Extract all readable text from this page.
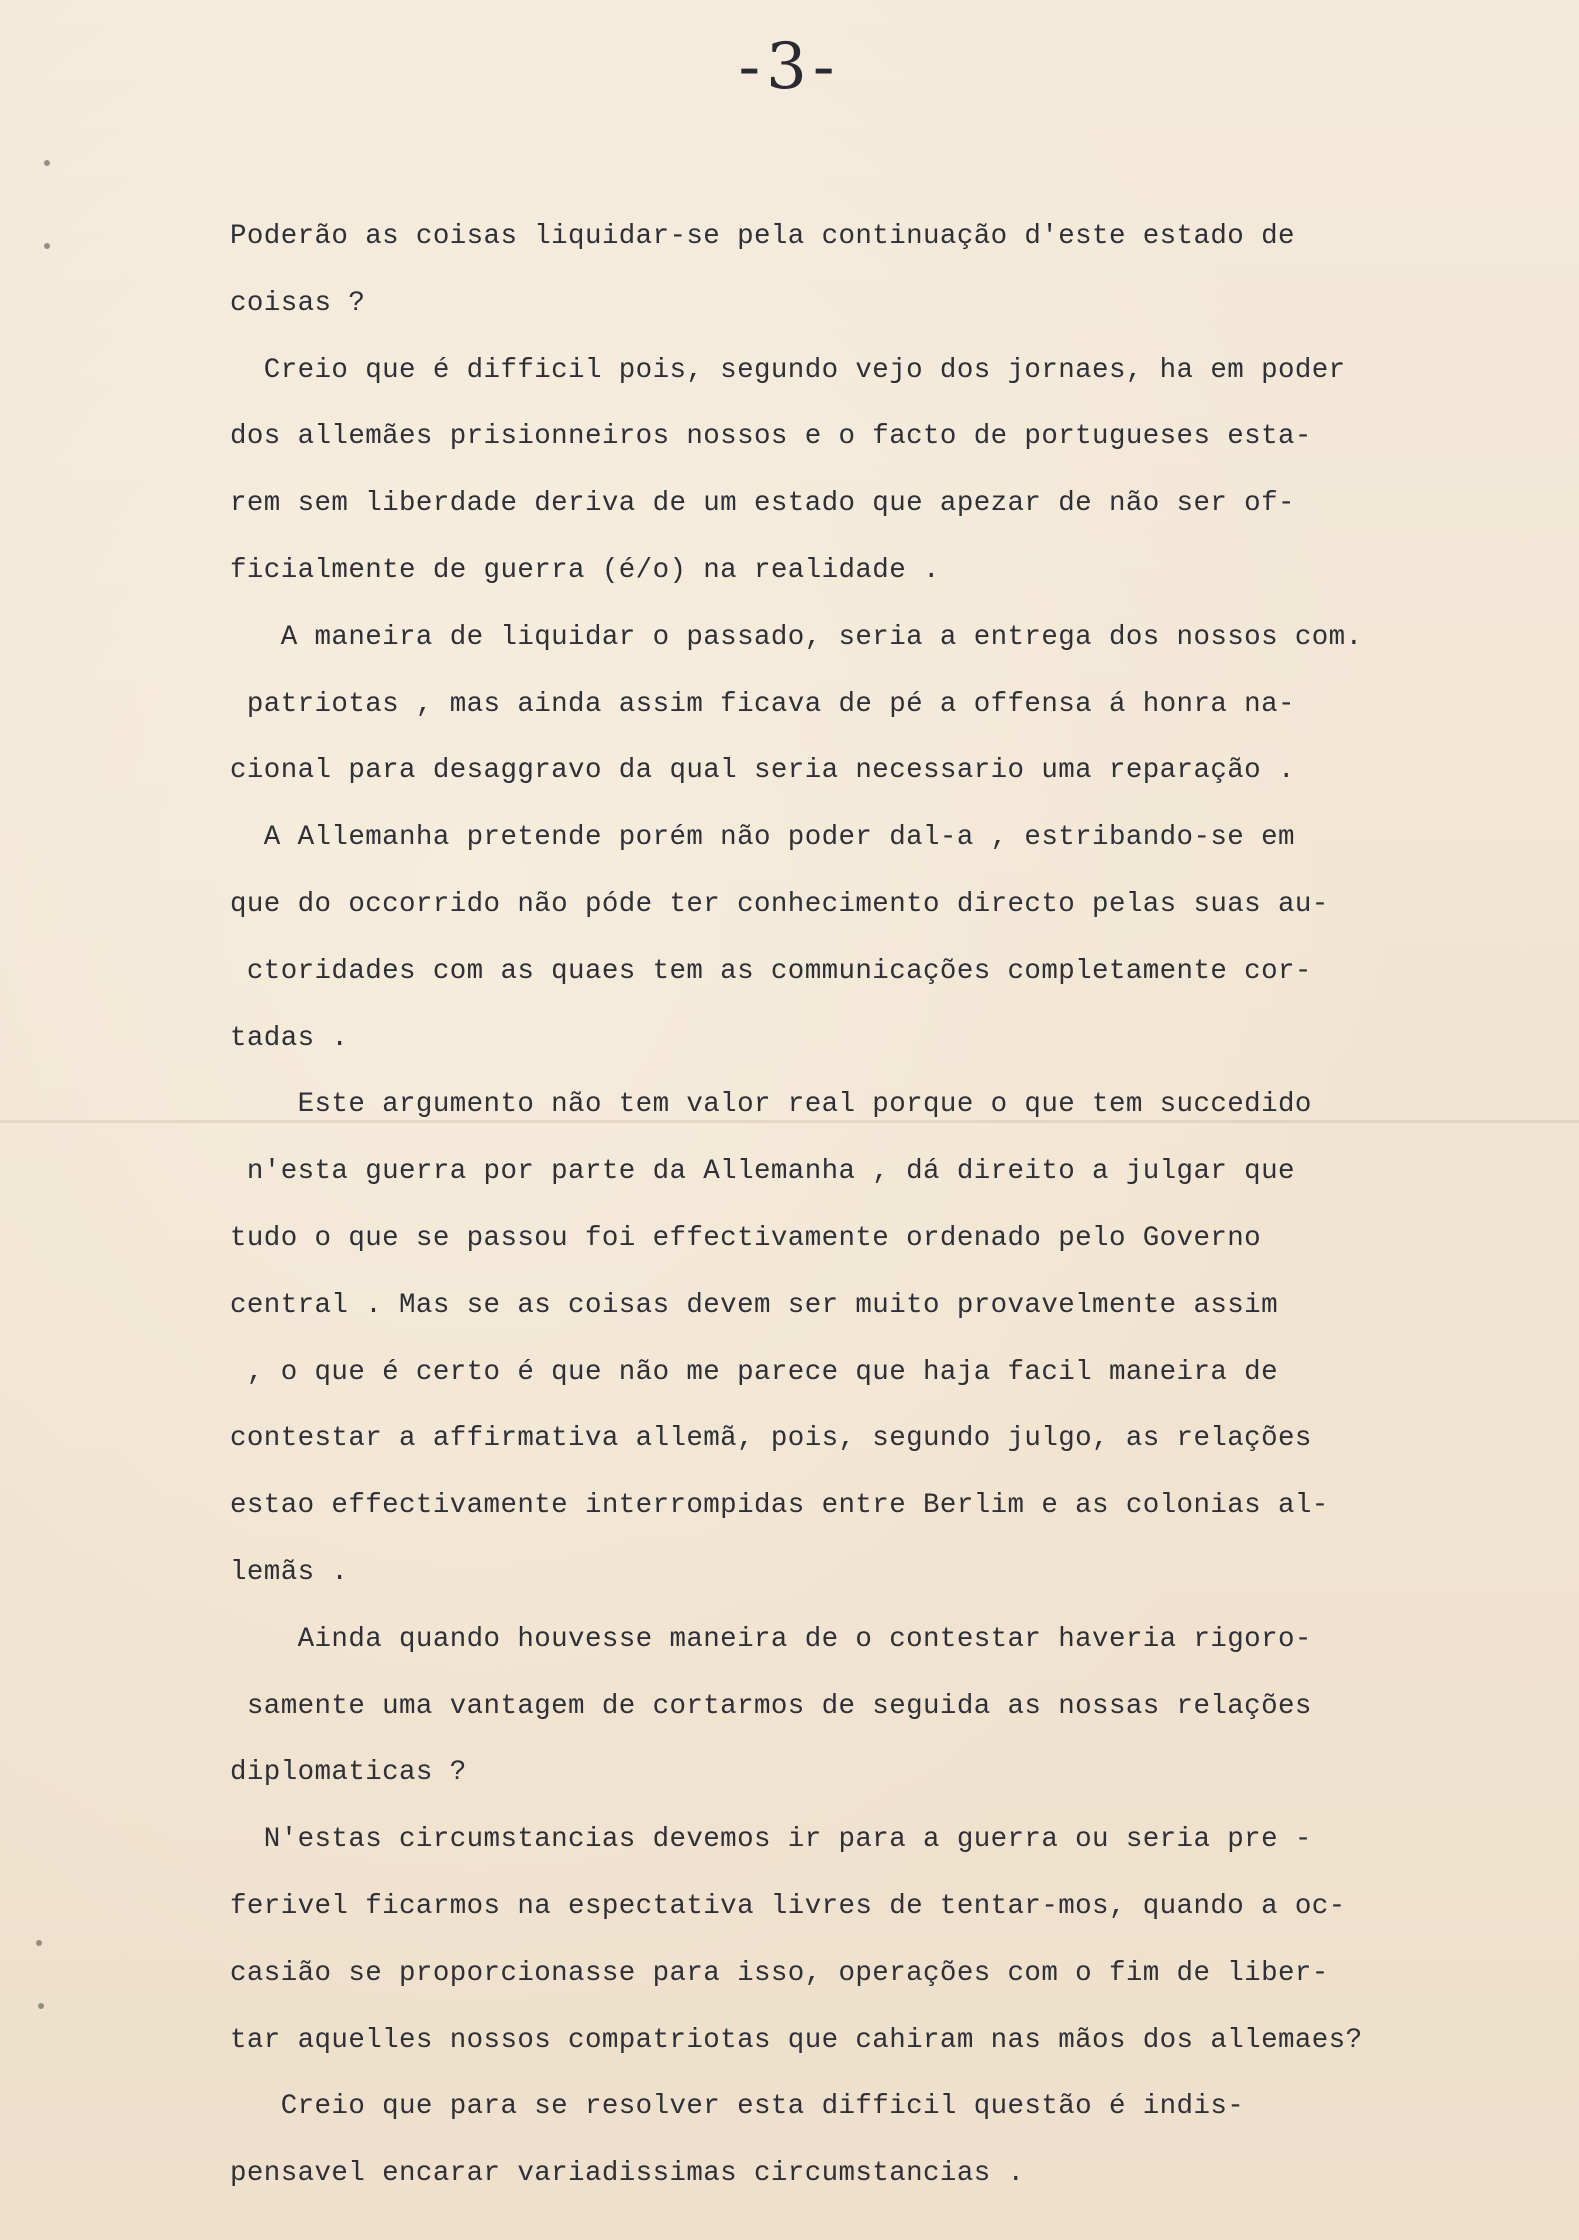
-3-
Poderão as coisas liquidar-se pela continuação d'este estado de
coisas ?
Creio que é difficil pois, segundo vejo dos jornaes, ha em poder
dos allemães prisionneiros nossos e o facto de portugueses esta-
rem sem liberdade deriva de um estado que apezar de não ser of-
ficialmente de guerra (é/o) na realidade .
A maneira de liquidar o passado, seria a entrega dos nossos com.
patriotas , mas ainda assim ficava de pé a offensa á honra na-
cional para desaggravo da qual seria necessario uma reparação .
A Allemanha pretende porém não poder dal-a , estribando-se em
que do occorrido não póde ter conhecimento directo pelas suas au-
ctoridades com as quaes tem as communicações completamente cor-
tadas .
Este argumento não tem valor real porque o que tem succedido
n'esta guerra por parte da Allemanha , dá direito a julgar que
tudo o que se passou foi effectivamente ordenado pelo Governo
central . Mas se as coisas devem ser muito provavelmente assim
, o que é certo é que não me parece que haja facil maneira de
contestar a affirmativa allemã, pois, segundo julgo, as relações
estao effectivamente interrompidas entre Berlim e as colonias al-
lemãs .
Ainda quando houvesse maneira de o contestar haveria rigoro-
samente uma vantagem de cortarmos de seguida as nossas relações
diplomaticas ?
N'estas circumstancias devemos ir para a guerra ou seria pre -
ferivel ficarmos na espectativa livres de tentar-mos, quando a oc-
casião se proporcionasse para isso, operações com o fim de liber-
tar aquelles nossos compatriotas que cahiram nas mãos dos allemaes?
Creio que para se resolver esta difficil questão é indis-
pensavel encarar variadissimas circumstancias .
